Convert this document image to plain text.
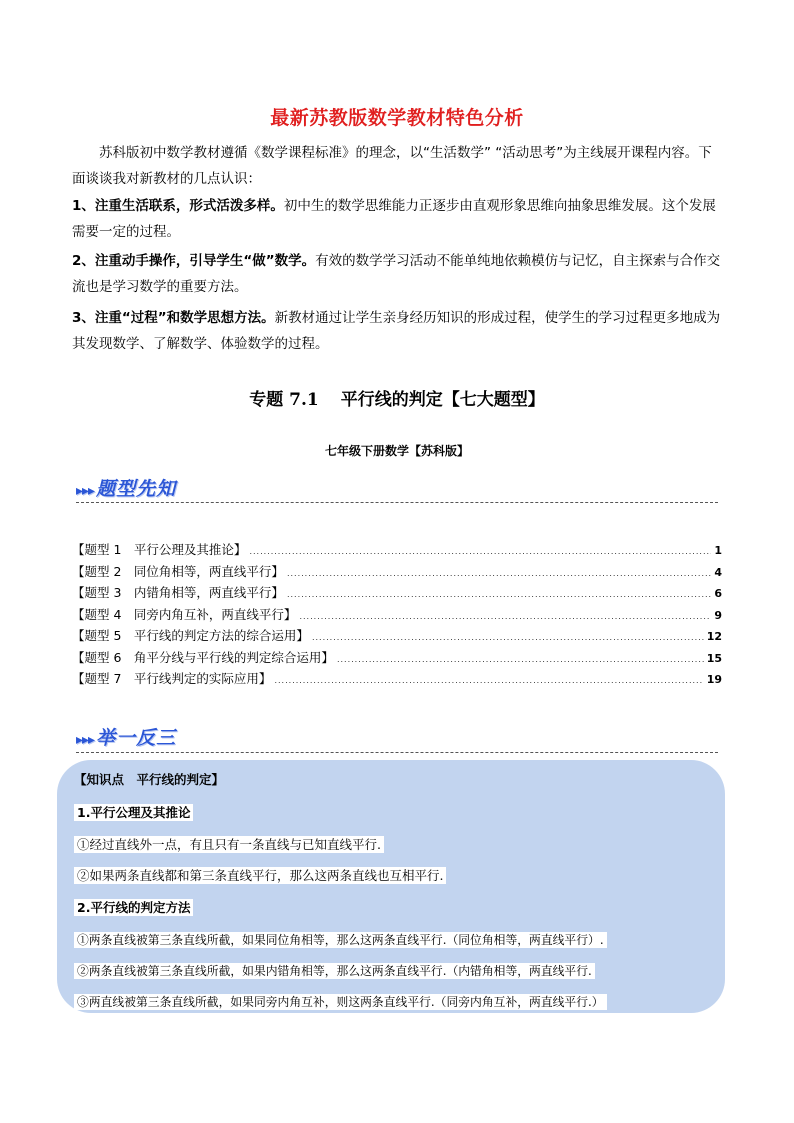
最新苏教版数学教材特色分析
苏科版初中数学教材遵循《数学课程标准》的理念，以“生活数学” “活动思考”为主线展开课程内容。下面谈谈我对新教材的几点认识：
1、注重生活联系，形式活泼多样。初中生的数学思维能力正逐步由直观形象思维向抽象思维发展。这个发展需要一定的过程。
2、注重动手操作，引导学生“做”数学。有效的数学学习活动不能单纯地依赖模仿与记忆，自主探索与合作交流也是学习数学的重要方法。
3、注重“过程”和数学思想方法。新教材通过让学生亲身经历知识的形成过程，使学生的学习过程更多地成为其发现数学、了解数学、体验数学的过程。
专题 7.1 平行线的判定【七大题型】
七年级下册数学【苏科版】
▸▸▸ 题型先知
【题型 1　平行公理及其推论】 .....	1
【题型 2　同位角相等，两直线平行】 .....	4
【题型 3　内错角相等，两直线平行】 .....	6
【题型 4　同旁内角互补，两直线平行】 .....	9
【题型 5　平行线的判定方法的综合运用】 .....	12
【题型 6　角平分线与平行线的判定综合运用】 .....	15
【题型 7　平行线判定的实际应用】 .....	19
▸▸▸ 举一反三
【知识点　平行线的判定】
1.平行公理及其推论
①经过直线外一点，有且只有一条直线与已知直线平行.
②如果两条直线都和第三条直线平行，那么这两条直线也互相平行.
2.平行线的判定方法
①两条直线被第三条直线所截，如果同位角相等，那么这两条直线平行.（同位角相等，两直线平行）.
②两条直线被第三条直线所截，如果内错角相等，那么这两条直线平行.（内错角相等，两直线平行.
③两直线被第三条直线所截，如果同旁内角互补，则这两条直线平行.（同旁内角互补，两直线平行.）
